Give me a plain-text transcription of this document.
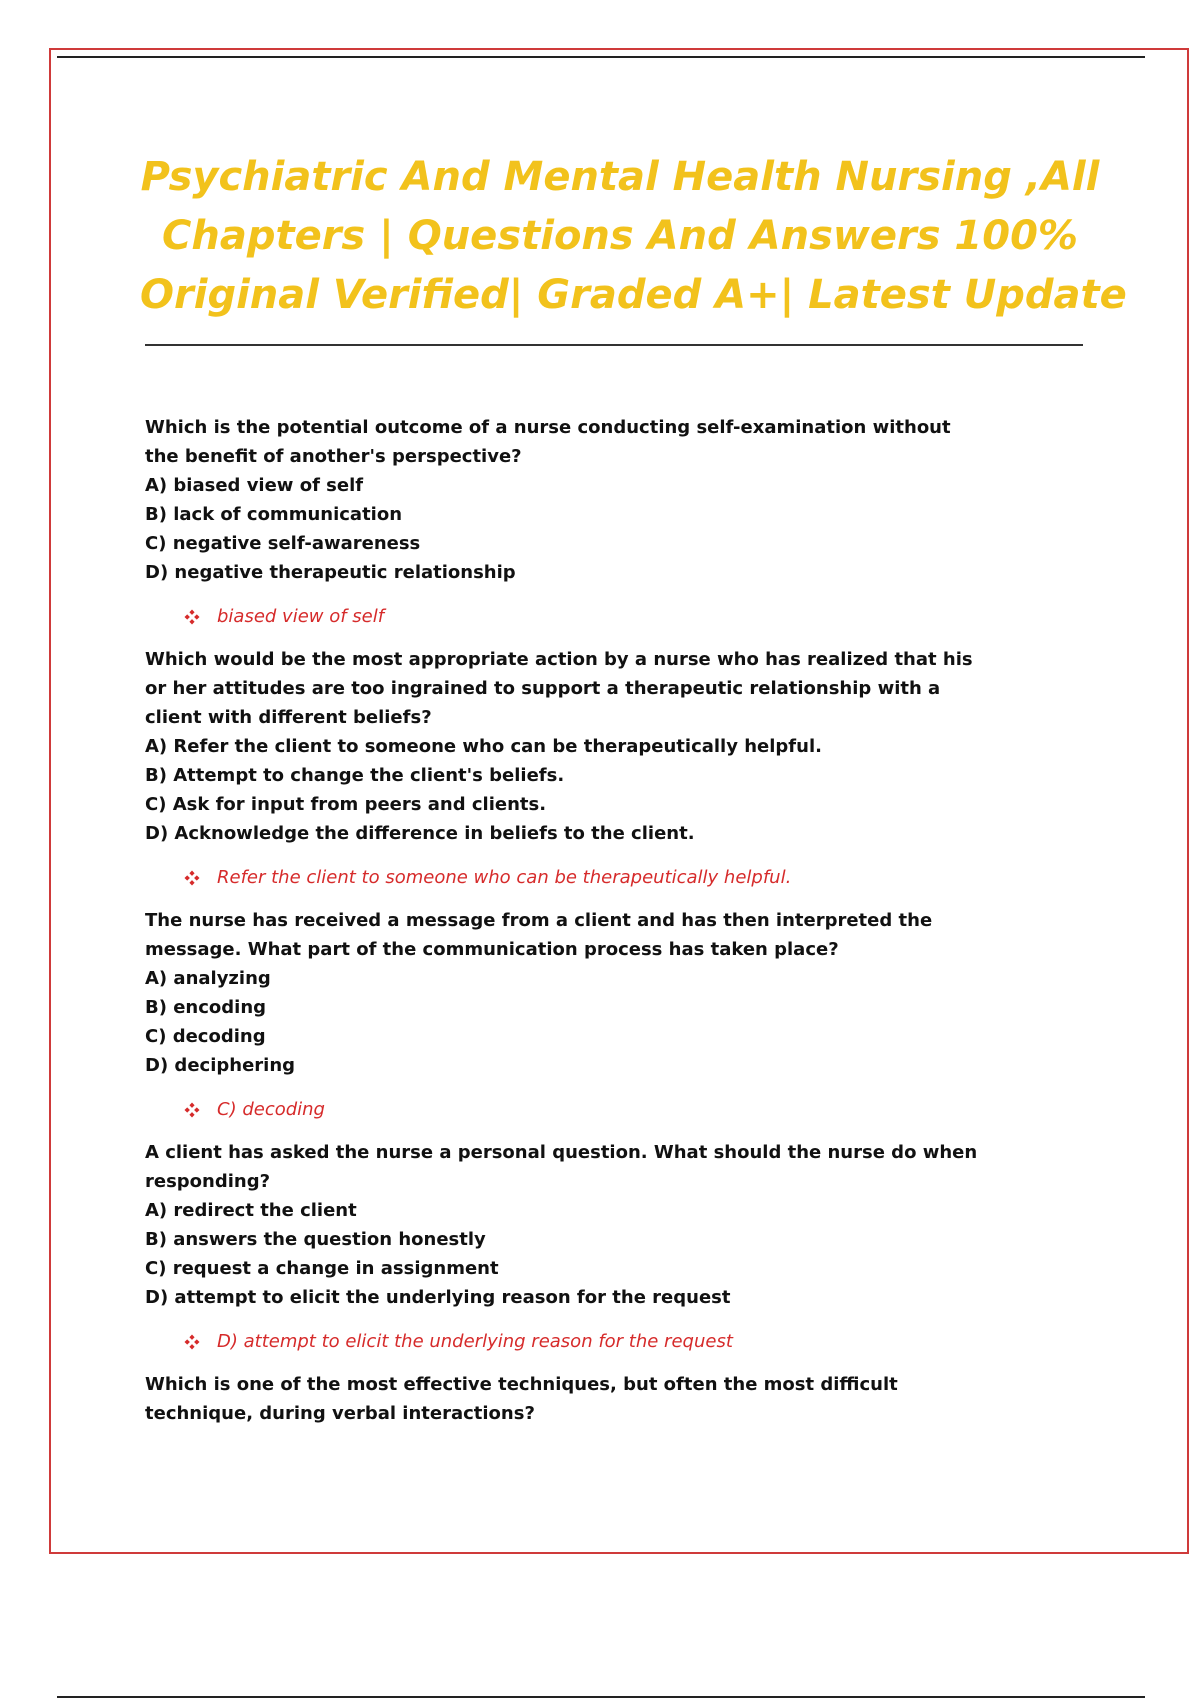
Psychiatric And Mental Health Nursing ,All
Chapters | Questions And Answers 100%
Original Verified| Graded A+| Latest Update
Which is the potential outcome of a nurse conducting self-examination without
the benefit of another's perspective?
A) biased view of self
B) lack of communication
C) negative self-awareness
D) negative therapeutic relationship
biased view of self
Which would be the most appropriate action by a nurse who has realized that his
or her attitudes are too ingrained to support a therapeutic relationship with a
client with different beliefs?
A) Refer the client to someone who can be therapeutically helpful.
B) Attempt to change the client's beliefs.
C) Ask for input from peers and clients.
D) Acknowledge the difference in beliefs to the client.
Refer the client to someone who can be therapeutically helpful.
The nurse has received a message from a client and has then interpreted the
message. What part of the communication process has taken place?
A) analyzing
B) encoding
C) decoding
D) deciphering
C) decoding
A client has asked the nurse a personal question. What should the nurse do when
responding?
A) redirect the client
B) answers the question honestly
C) request a change in assignment
D) attempt to elicit the underlying reason for the request
D) attempt to elicit the underlying reason for the request
Which is one of the most effective techniques, but often the most difficult
technique, during verbal interactions?
